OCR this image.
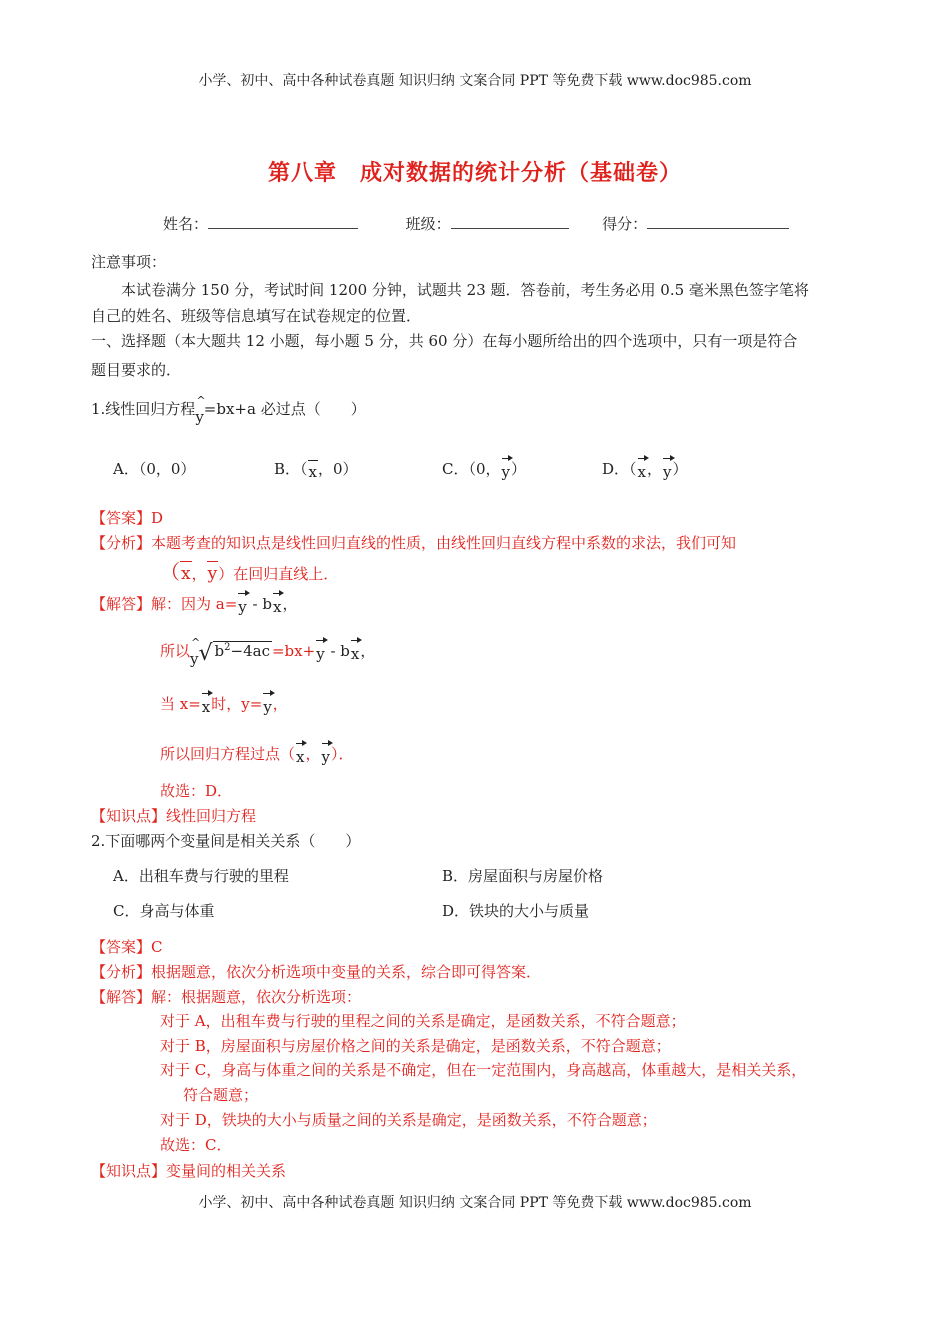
小学、初中、高中各种试卷真题 知识归纳 文案合同 PPT 等免费下载 www.doc985.com
第八章　成对数据的统计分析（基础卷）
姓名：	班级：	得分：
注意事项：
本试卷满分 150 分，考试时间 1200 分钟，试题共 23 题．答卷前，考生务必用 0.5 毫米黑色签字笔将
自己的姓名、班级等信息填写在试卷规定的位置．
一、选择题（本大题共 12 小题，每小题 5 分，共 60 分）在每小题所给出的四个选项中，只有一项是符合
题目要求的．
1.线性回归方程^ y=bx+a 必过点（　　）
A．（0，0）	B．（x，0）	C．（0，y）	D．（x，y）
【答案】D
【分析】本题考查的知识点是线性回归直线的性质，由线性回归直线方程中系数的求法，我们可知
（x，y）在回归直线上．
【解答】解：因为 a=y - bx，
所以^ y√ $b^2-4ac =bx+y$ - bx，
当 x=x时，y=y，
所以回归方程过点（x，y）．
故选：D．
【知识点】线性回归方程
2.下面哪两个变量间是相关关系（　　）
A．出租车费与行驶的里程	B．房屋面积与房屋价格
C．身高与体重	D．铁块的大小与质量
【答案】C
【分析】根据题意，依次分析选项中变量的关系，综合即可得答案．
【解答】解：根据题意，依次分析选项：
对于 A，出租车费与行驶的里程之间的关系是确定，是函数关系，不符合题意；
对于 B，房屋面积与房屋价格之间的关系是确定，是函数关系，不符合题意；
对于 C，身高与体重之间的关系是不确定，但在一定范围内，身高越高，体重越大，是相关关系，
符合题意；
对于 D，铁块的大小与质量之间的关系是确定，是函数关系，不符合题意；
故选：C．
【知识点】变量间的相关关系
小学、初中、高中各种试卷真题 知识归纳 文案合同 PPT 等免费下载 www.doc985.com
